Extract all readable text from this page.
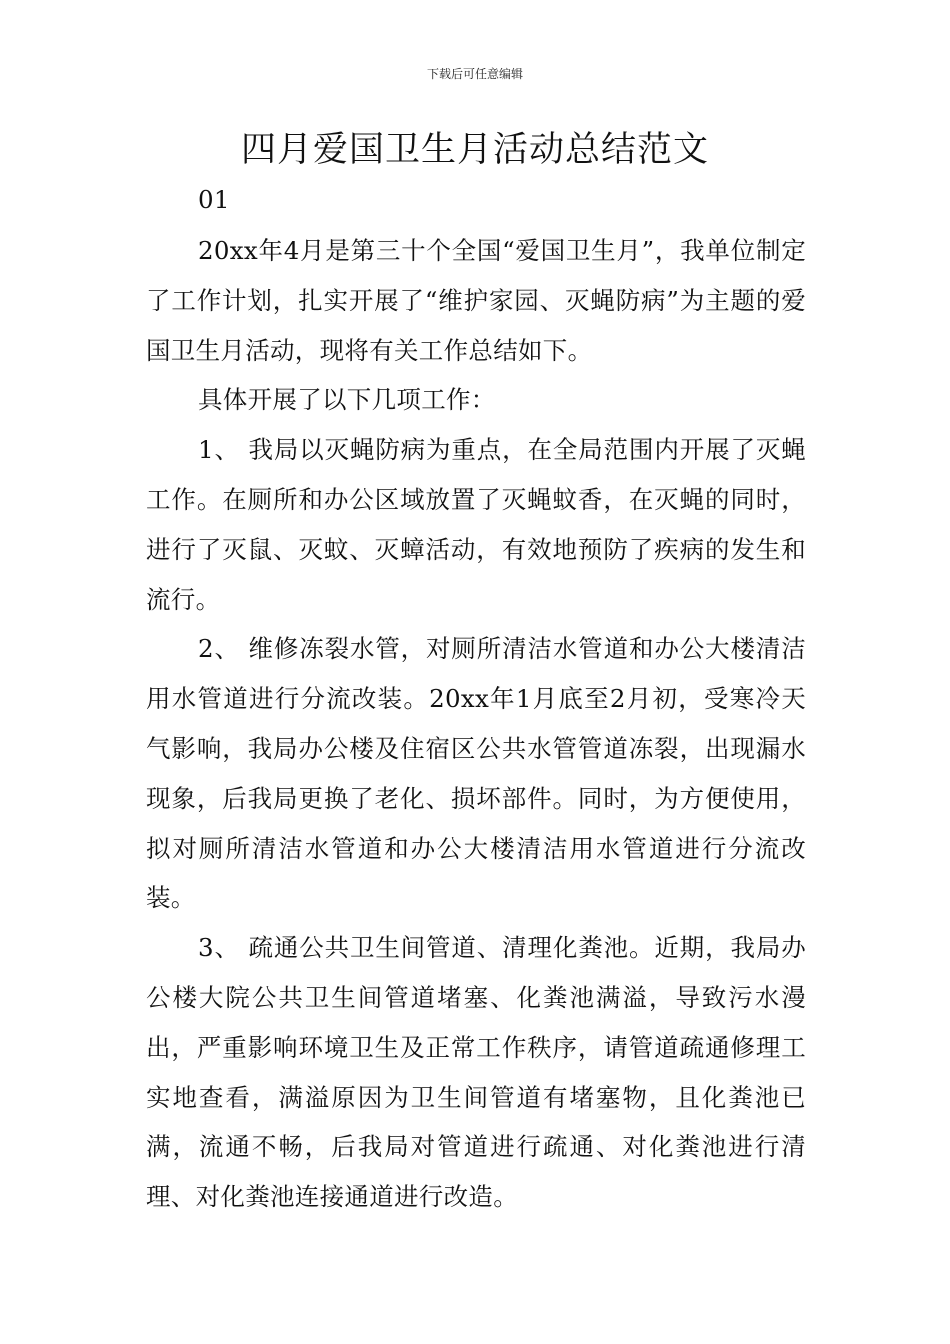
下载后可任意编辑
四月爱国卫生月活动总结范文

01

20xx年4月是第三十个全国“爱国卫生月”，我单位制定了工作计划，扎实开展了“维护家园、灭蝇防病”为主题的爱国卫生月活动，现将有关工作总结如下。

具体开展了以下几项工作：

1、 我局以灭蝇防病为重点，在全局范围内开展了灭蝇工作。在厕所和办公区域放置了灭蝇蚊香，在灭蝇的同时，进行了灭鼠、灭蚊、灭蟑活动，有效地预防了疾病的发生和流行。

2、 维修冻裂水管，对厕所清洁水管道和办公大楼清洁用水管道进行分流改装。20xx年1月底至2月初，受寒冷天气影响，我局办公楼及住宿区公共水管管道冻裂，出现漏水现象，后我局更换了老化、损坏部件。同时，为方便使用，拟对厕所清洁水管道和办公大楼清洁用水管道进行分流改装。

3、 疏通公共卫生间管道、清理化粪池。近期，我局办公楼大院公共卫生间管道堵塞、化粪池满溢，导致污水漫出，严重影响环境卫生及正常工作秩序，请管道疏通修理工实地查看，满溢原因为卫生间管道有堵塞物，且化粪池已满，流通不畅，后我局对管道进行疏通、对化粪池进行清理、对化粪池连接通道进行改造。
